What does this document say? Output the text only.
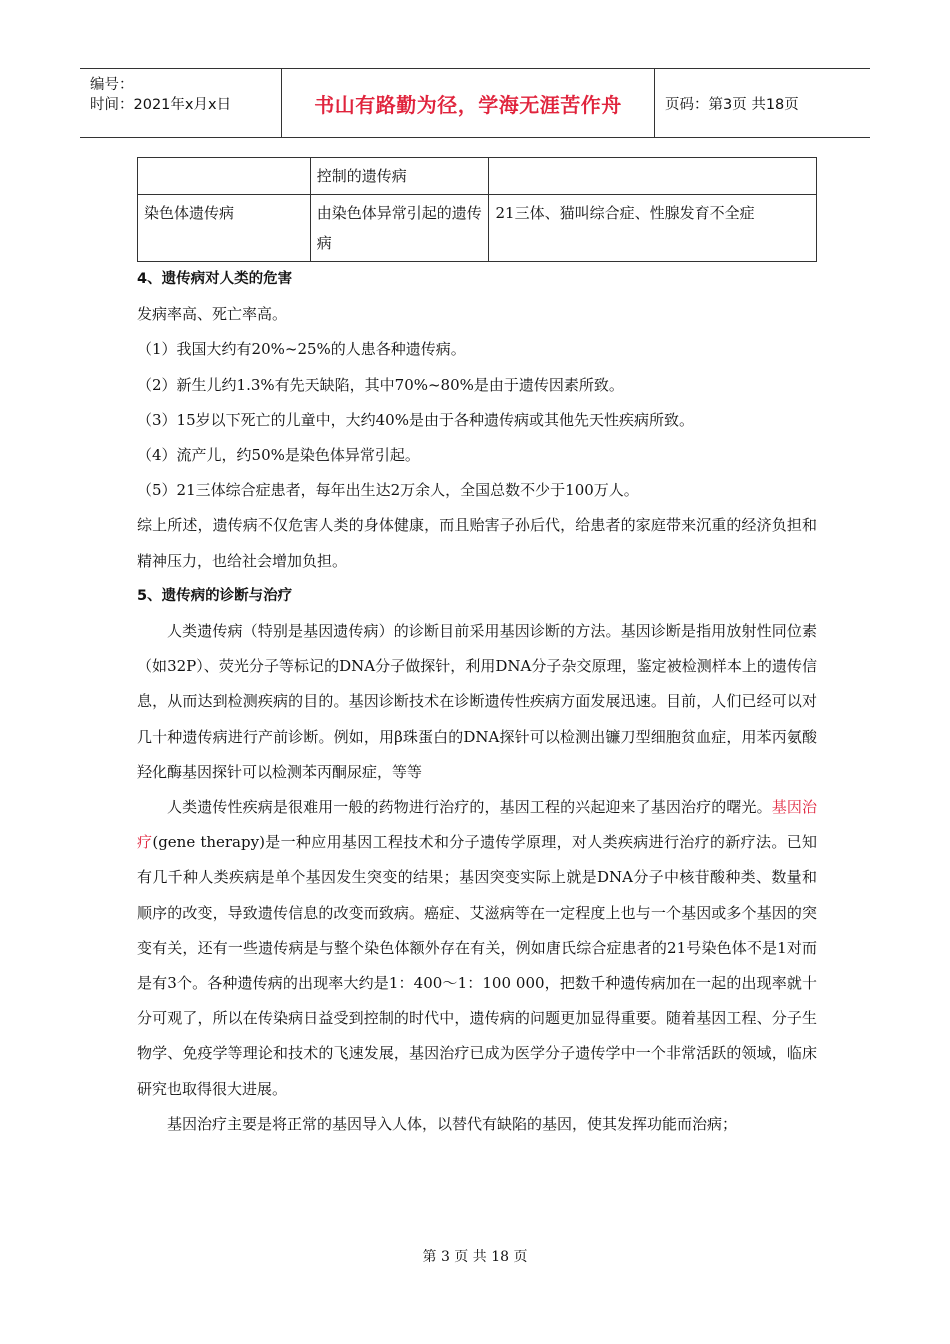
编号：
时间：2021年x月x日	书山有路勤为径，学海无涯苦作舟	页码：第3页 共18页
	控制的遗传病	
染色体遗传病	由染色体异常引起的遗传病	21三体、猫叫综合症、性腺发育不全症

4、遗传病对人类的危害

发病率高、死亡率高。

（1）我国大约有20%~25%的人患各种遗传病。

（2）新生儿约1.3%有先天缺陷，其中70%~80%是由于遗传因素所致。

（3）15岁以下死亡的儿童中，大约40%是由于各种遗传病或其他先天性疾病所致。

（4）流产儿，约50%是染色体异常引起。

（5）21三体综合症患者，每年出生达2万余人，全国总数不少于100万人。

综上所述，遗传病不仅危害人类的身体健康，而且贻害子孙后代，给患者的家庭带来沉重的经济负担和精神压力，也给社会增加负担。

5、遗传病的诊断与治疗

人类遗传病（特别是基因遗传病）的诊断目前采用基因诊断的方法。基因诊断是指用放射性同位素（如32P）、荧光分子等标记的DNA分子做探针，利用DNA分子杂交原理，鉴定被检测样本上的遗传信息，从而达到检测疾病的目的。基因诊断技术在诊断遗传性疾病方面发展迅速。目前，人们已经可以对几十种遗传病进行产前诊断。例如，用β珠蛋白的DNA探针可以检测出镰刀型细胞贫血症，用苯丙氨酸羟化酶基因探针可以检测苯丙酮尿症，等等

人类遗传性疾病是很难用一般的药物进行治疗的，基因工程的兴起迎来了基因治疗的曙光。基因治疗(gene therapy)是一种应用基因工程技术和分子遗传学原理，对人类疾病进行治疗的新疗法。已知有几千种人类疾病是单个基因发生突变的结果；基因突变实际上就是DNA分子中核苷酸种类、数量和顺序的改变，导致遗传信息的改变而致病。癌症、艾滋病等在一定程度上也与一个基因或多个基因的突变有关，还有一些遗传病是与整个染色体额外存在有关，例如唐氏综合症患者的21号染色体不是1对而是有3个。各种遗传病的出现率大约是1：400～1：100 000，把数千种遗传病加在一起的出现率就十分可观了，所以在传染病日益受到控制的时代中，遗传病的问题更加显得重要。随着基因工程、分子生物学、免疫学等理论和技术的飞速发展，基因治疗已成为医学分子遗传学中一个非常活跃的领域，临床研究也取得很大进展。

基因治疗主要是将正常的基因导入人体，以替代有缺陷的基因，使其发挥功能而治病；

第 3 页 共 18 页
